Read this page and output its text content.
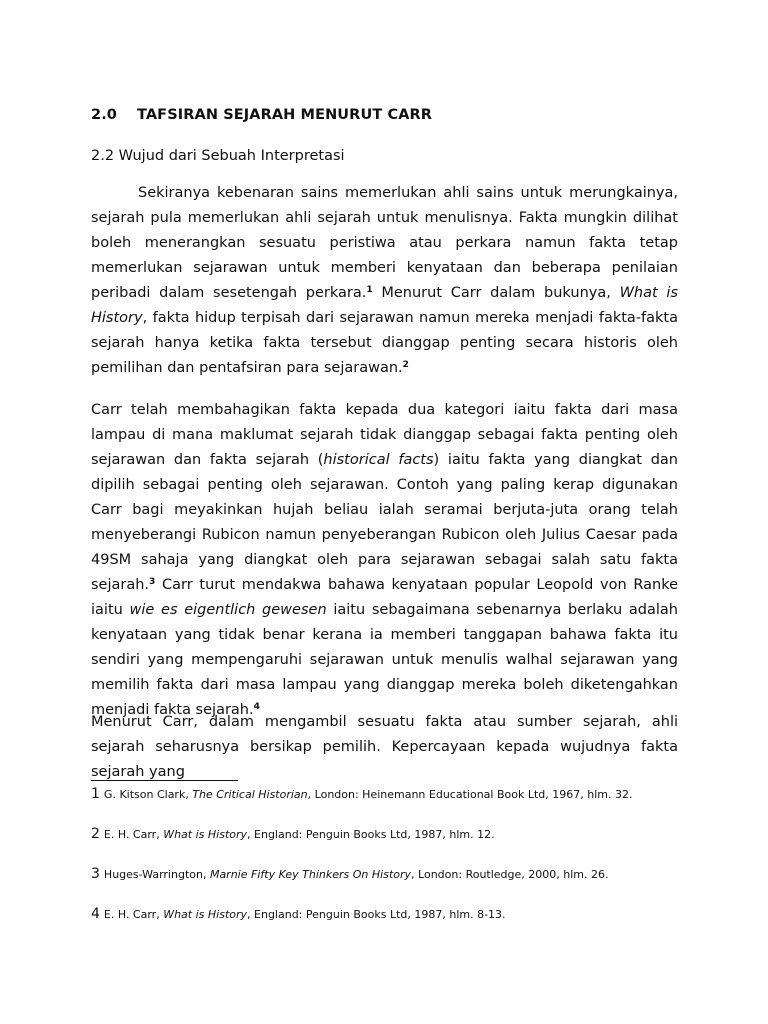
2.0 TAFSIRAN SEJARAH MENURUT CARR
2.2 Wujud dari Sebuah Interpretasi

Sekiranya kebenaran sains memerlukan ahli sains untuk merungkainya, sejarah pula memerlukan ahli sejarah untuk menulisnya. Fakta mungkin dilihat boleh menerangkan sesuatu peristiwa atau perkara namun fakta tetap memerlukan sejarawan untuk memberi kenyataan dan beberapa penilaian peribadi dalam sesetengah perkara.$^1$ Menurut Carr dalam bukunya, What is History, fakta hidup terpisah dari sejarawan namun mereka menjadi fakta-fakta sejarah hanya ketika fakta tersebut dianggap penting secara historis oleh pemilihan dan pentafsiran para sejarawan.$^2$

Carr telah membahagikan fakta kepada dua kategori iaitu fakta dari masa lampau di mana maklumat sejarah tidak dianggap sebagai fakta penting oleh sejarawan dan fakta sejarah (historical facts) iaitu fakta yang diangkat dan dipilih sebagai penting oleh sejarawan. Contoh yang paling kerap digunakan Carr bagi meyakinkan hujah beliau ialah seramai berjuta-juta orang telah menyeberangi Rubicon namun penyeberangan Rubicon oleh Julius Caesar pada 49SM sahaja yang diangkat oleh para sejarawan sebagai salah satu fakta sejarah.$^3$ Carr turut mendakwa bahawa kenyataan popular Leopold von Ranke iaitu wie es eigentlich gewesen iaitu sebagaimana sebenarnya berlaku adalah kenyataan yang tidak benar kerana ia memberi tanggapan bahawa fakta itu sendiri yang mempengaruhi sejarawan untuk menulis walhal sejarawan yang memilih fakta dari masa lampau yang dianggap mereka boleh diketengahkan menjadi fakta sejarah.$^4$

Menurut Carr, dalam mengambil sesuatu fakta atau sumber sejarah, ahli sejarah seharusnya bersikap pemilih. Kepercayaan kepada wujudnya fakta sejarah yang

1 G. Kitson Clark, The Critical Historian, London: Heinemann Educational Book Ltd, 1967, hlm. 32.
2 E. H. Carr, What is History, England: Penguin Books Ltd, 1987, hlm. 12.
3 Huges-Warrington, Marnie Fifty Key Thinkers On History, London: Routledge, 2000, hlm. 26.
4 E. H. Carr, What is History, England: Penguin Books Ltd, 1987, hlm. 8-13.
